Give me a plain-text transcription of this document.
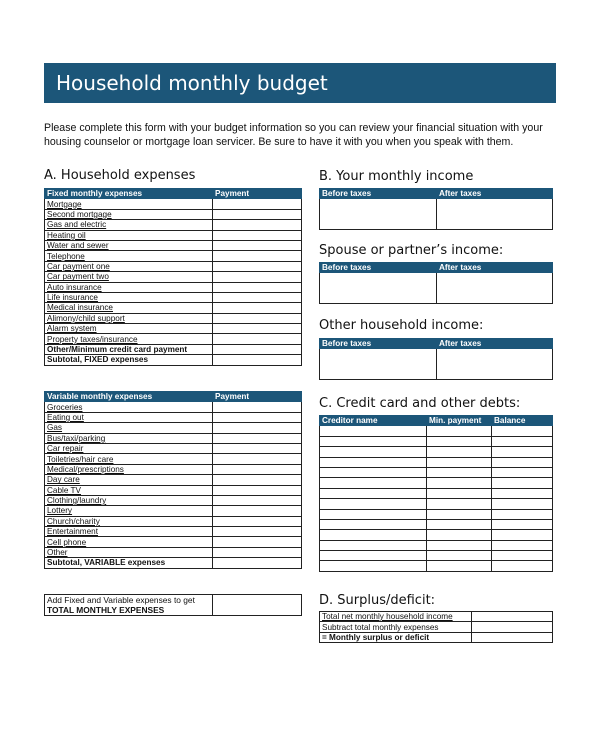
Household monthly budget
Please complete this form with your budget information so you can review your financial situation with your housing counselor or mortgage loan servicer. Be sure to have it with you when you speak with them.
A. Household expenses	B. Your monthly income
Spouse or partner’s income:
Other household income:
C. Credit card and other debts:
D. Surplus/deficit:
Fixed monthly expenses	Payment
Mortgage	
Second mortgage	
Gas and electric	
Heating oil	
Water and sewer	
Telephone	
Car payment one	
Car payment two	
Auto insurance	
Life insurance	
Medical insurance	
Alimony/child support	
Alarm system	
Property taxes/insurance	
Other/Minimum credit card payment	
Subtotal, FIXED expenses	
Variable monthly expenses	Payment
Groceries	
Eating out	
Gas	
Bus/taxi/parking	
Car repair	
Toiletries/hair care	
Medical/prescriptions	
Day care	
Cable TV	
Clothing/laundry	
Lottery	
Church/charity	
Entertainment	
Cell phone	
Other	
Subtotal, VARIABLE expenses	
Add Fixed and Variable expenses to get
TOTAL MONTHLY EXPENSES	
Before taxes	After taxes

Before taxes	After taxes

Before taxes	After taxes

Creditor name	Min. payment	Balance

Total net monthly household income	
Subtract total monthly expenses	
= Monthly surplus or deficit	
